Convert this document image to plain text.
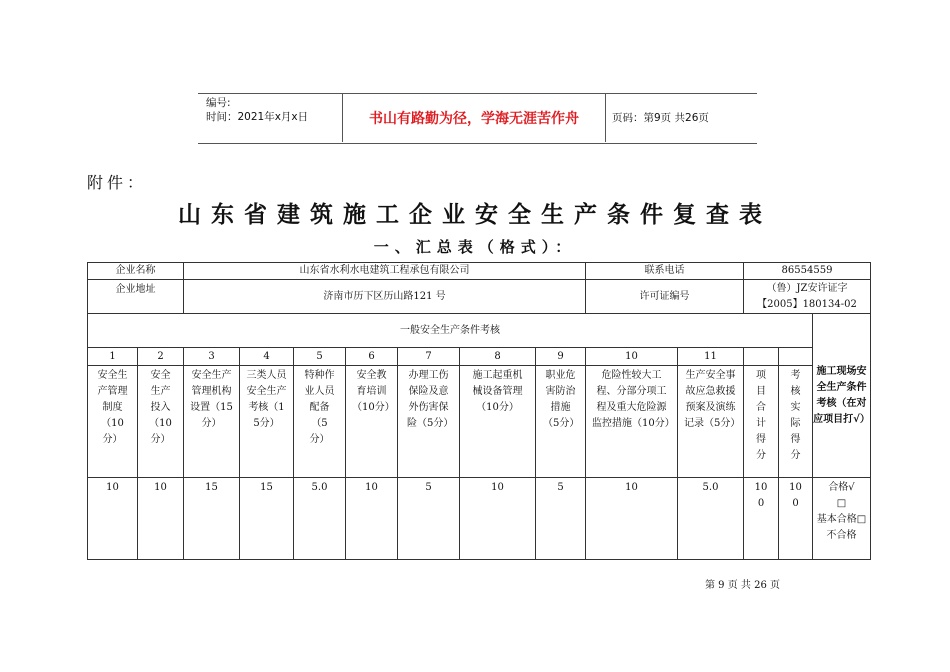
编号:
时间：2021年x月x日	书山有路勤为径，学海无涯苦作舟	页码：第9页 共26页
附件：
山东省建筑施工企业安全生产条件复查表
一、汇总表（格式）：
企业名称		山东省水利水电建筑工程承包有限公司							联系电话		86554559		
企业地址		济南市历下区历山路121 号							许可证编号		（鲁）JZ安许证字
【2005】180134-02		

一般安全生产条件考核													施工现场安全生产条件考核（在对应项目打√）
1	2	3	4	5	6	7	8	9	10	11			
安全生产管理制度（10分）	安全生产投入（10分）	安全生产管理机构设置（15分）	三类人员安全生产考核（15分）	特种作业人员配备（5分）	安全教育培训（10分）	办理工伤保险及意外伤害保险（5分）	施工起重机械设备管理（10分）	职业危害防治措施（5分）	危险性较大工程、分部分项工程及重大危险源监控措施（10分）	生产安全事故应急救援预案及演练记录（5分）	项目合计得分	考核实际得分	
10	10	15	15	5.0	10	5	10	5	10	5.0	100	100	合格√
□
基本合格□
不合格
第 9 页 共 26 页
